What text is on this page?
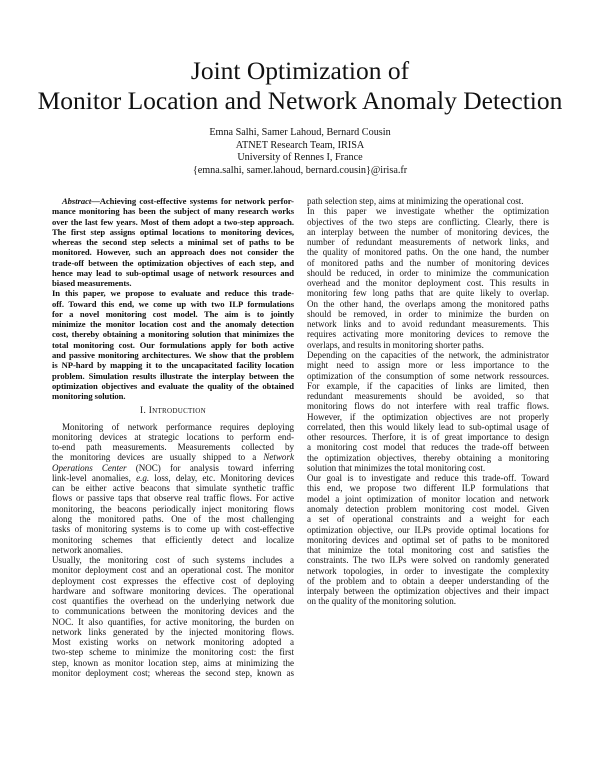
Joint Optimization of
Monitor Location and Network Anomaly Detection
Emna Salhi, Samer Lahoud, Bernard Cousin
ATNET Research Team, IRISA
University of Rennes I, France
{emna.salhi, samer.lahoud, bernard.cousin}@irisa.fr
Abstract—Achieving cost-effective systems for network perfor-
mance monitoring has been the subject of many research works
over the last few years. Most of them adopt a two-step approach.
The first step assigns optimal locations to monitoring devices,
whereas the second step selects a minimal set of paths to be
monitored. However, such an approach does not consider the
trade-off between the optimization objectives of each step, and
hence may lead to sub-optimal usage of network resources and
biased measurements.
In this paper, we propose to evaluate and reduce this trade-
off. Toward this end, we come up with two ILP formulations
for a novel monitoring cost model. The aim is to jointly
minimize the monitor location cost and the anomaly detection
cost, thereby obtaining a monitoring solution that minimizes the
total monitoring cost. Our formulations apply for both active
and passive monitoring architectures. We show that the problem
is NP-hard by mapping it to the uncapacitated facility location
problem. Simulation results illustrate the interplay between the
optimization objectives and evaluate the quality of the obtained
monitoring solution.
I. Introduction
Monitoring of network performance requires deploying
monitoring devices at strategic locations to perform end-
to-end path measurements. Measurements collected by
the monitoring devices are usually shipped to a Network
Operations Center (NOC) for analysis toward inferring
link-level anomalies, e.g. loss, delay, etc. Monitoring devices
can be either active beacons that simulate synthetic traffic
flows or passive taps that observe real traffic flows. For active
monitoring, the beacons periodically inject monitoring flows
along the monitored paths. One of the most challenging
tasks of monitoring systems is to come up with cost-effective
monitoring schemes that efficiently detect and localize
network anomalies.
Usually, the monitoring cost of such systems includes a
monitor deployment cost and an operational cost. The monitor
deployment cost expresses the effective cost of deploying
hardware and software monitoring devices. The operational
cost quantifies the overhead on the underlying network due
to communications between the monitoring devices and the
NOC. It also quantifies, for active monitoring, the burden on
network links generated by the injected monitoring flows.
Most existing works on network monitoring adopted a
two-step scheme to minimize the monitoring cost: the first
step, known as monitor location step, aims at minimizing the
monitor deployment cost; whereas the second step, known as
path selection step, aims at minimizing the operational cost.
In this paper we investigate whether the optimization
objectives of the two steps are conflicting. Clearly, there is
an interplay between the number of monitoring devices, the
number of redundant measurements of network links, and
the quality of monitored paths. On the one hand, the number
of monitored paths and the number of monitoring devices
should be reduced, in order to minimize the communication
overhead and the monitor deployment cost. This results in
monitoring few long paths that are quite likely to overlap.
On the other hand, the overlaps among the monitored paths
should be removed, in order to minimize the burden on
network links and to avoid redundant measurements. This
requires activating more monitoring devices to remove the
overlaps, and results in monitoring shorter paths.
Depending on the capacities of the network, the administrator
might need to assign more or less importance to the
optimization of the consumption of some network ressources.
For example, if the capacities of links are limited, then
redundant measurements should be avoided, so that
monitoring flows do not interfere with real traffic flows.
However, if the optimization objectives are not properly
correlated, then this would likely lead to sub-optimal usage of
other resources. Therfore, it is of great importance to design
a monitoring cost model that reduces the trade-off between
the optimization objectives, thereby obtaining a monitoring
solution that minimizes the total monitoring cost.
Our goal is to investigate and reduce this trade-off. Toward
this end, we propose two different ILP formulations that
model a joint optimization of monitor location and network
anomaly detection problem monitoring cost model. Given
a set of operational constraints and a weight for each
optimization objective, our ILPs provide optimal locations for
monitoring devices and optimal set of paths to be monitored
that minimize the total monitoring cost and satisfies the
constraints. The two ILPs were solved on randomly generated
network topologies, in order to investigate the complexity
of the problem and to obtain a deeper understanding of the
interpaly between the optimization objectives and their impact
on the quality of the monitoring solution.
